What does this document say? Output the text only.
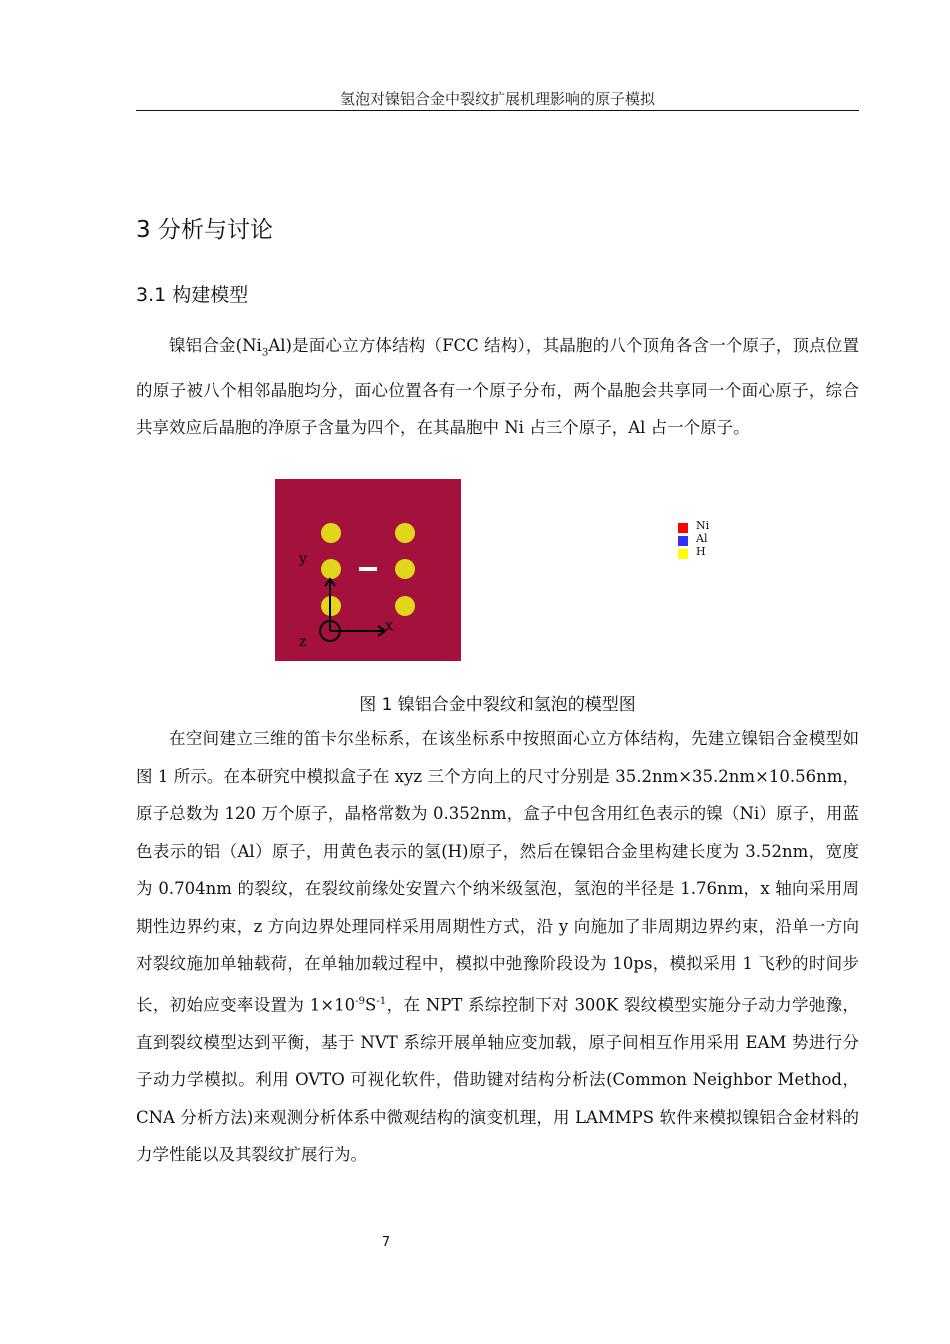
氢泡对镍铝合金中裂纹扩展机理影响的原子模拟
3 分析与讨论
3.1 构建模型

镍铝合金$(Ni_3Al)$是面心立方体结构（FCC 结构），其晶胞的八个顶角各含一个原子，顶点位置的原子被八个相邻晶胞均分，面心位置各有一个原子分布，两个晶胞会共享同一个面心原子，综合共享效应后晶胞的净原子含量为四个，在其晶胞中 Ni 占三个原子，Al 占一个原子。

y
x
z
Ni
Al
H
图 1 镍铝合金中裂纹和氢泡的模型图

在空间建立三维的笛卡尔坐标系，在该坐标系中按照面心立方体结构，先建立镍铝合金模型如图 1 所示。在本研究中模拟盒子在 xyz 三个方向上的尺寸分别是 35.2nm×35.2nm×10.56nm，原子总数为 120 万个原子，晶格常数为 0.352nm，盒子中包含用红色表示的镍（Ni）原子，用蓝色表示的铝（Al）原子，用黄色表示的氢(H)原子，然后在镍铝合金里构建长度为 3.52nm，宽度为 0.704nm 的裂纹，在裂纹前缘处安置六个纳米级氢泡，氢泡的半径是 1.76nm，x 轴向采用周期性边界约束，z 方向边界处理同样采用周期性方式，沿 y 向施加了非周期边界约束，沿单一方向对裂纹施加单轴载荷，在单轴加载过程中，模拟中弛豫阶段设为 10ps，模拟采用 1 飞秒的时间步长，初始应变率设置为 $1\times 10^{-9}S^{-1}$，在 NPT 系综控制下对 300K 裂纹模型实施分子动力学弛豫，直到裂纹模型达到平衡，基于 NVT 系综开展单轴应变加载，原子间相互作用采用 EAM 势进行分子动力学模拟。利用 OVTO 可视化软件，借助键对结构分析法(Common Neighbor Method，CNA 分析方法)来观测分析体系中微观结构的演变机理，用 LAMMPS 软件来模拟镍铝合金材料的力学性能以及其裂纹扩展行为。

7
